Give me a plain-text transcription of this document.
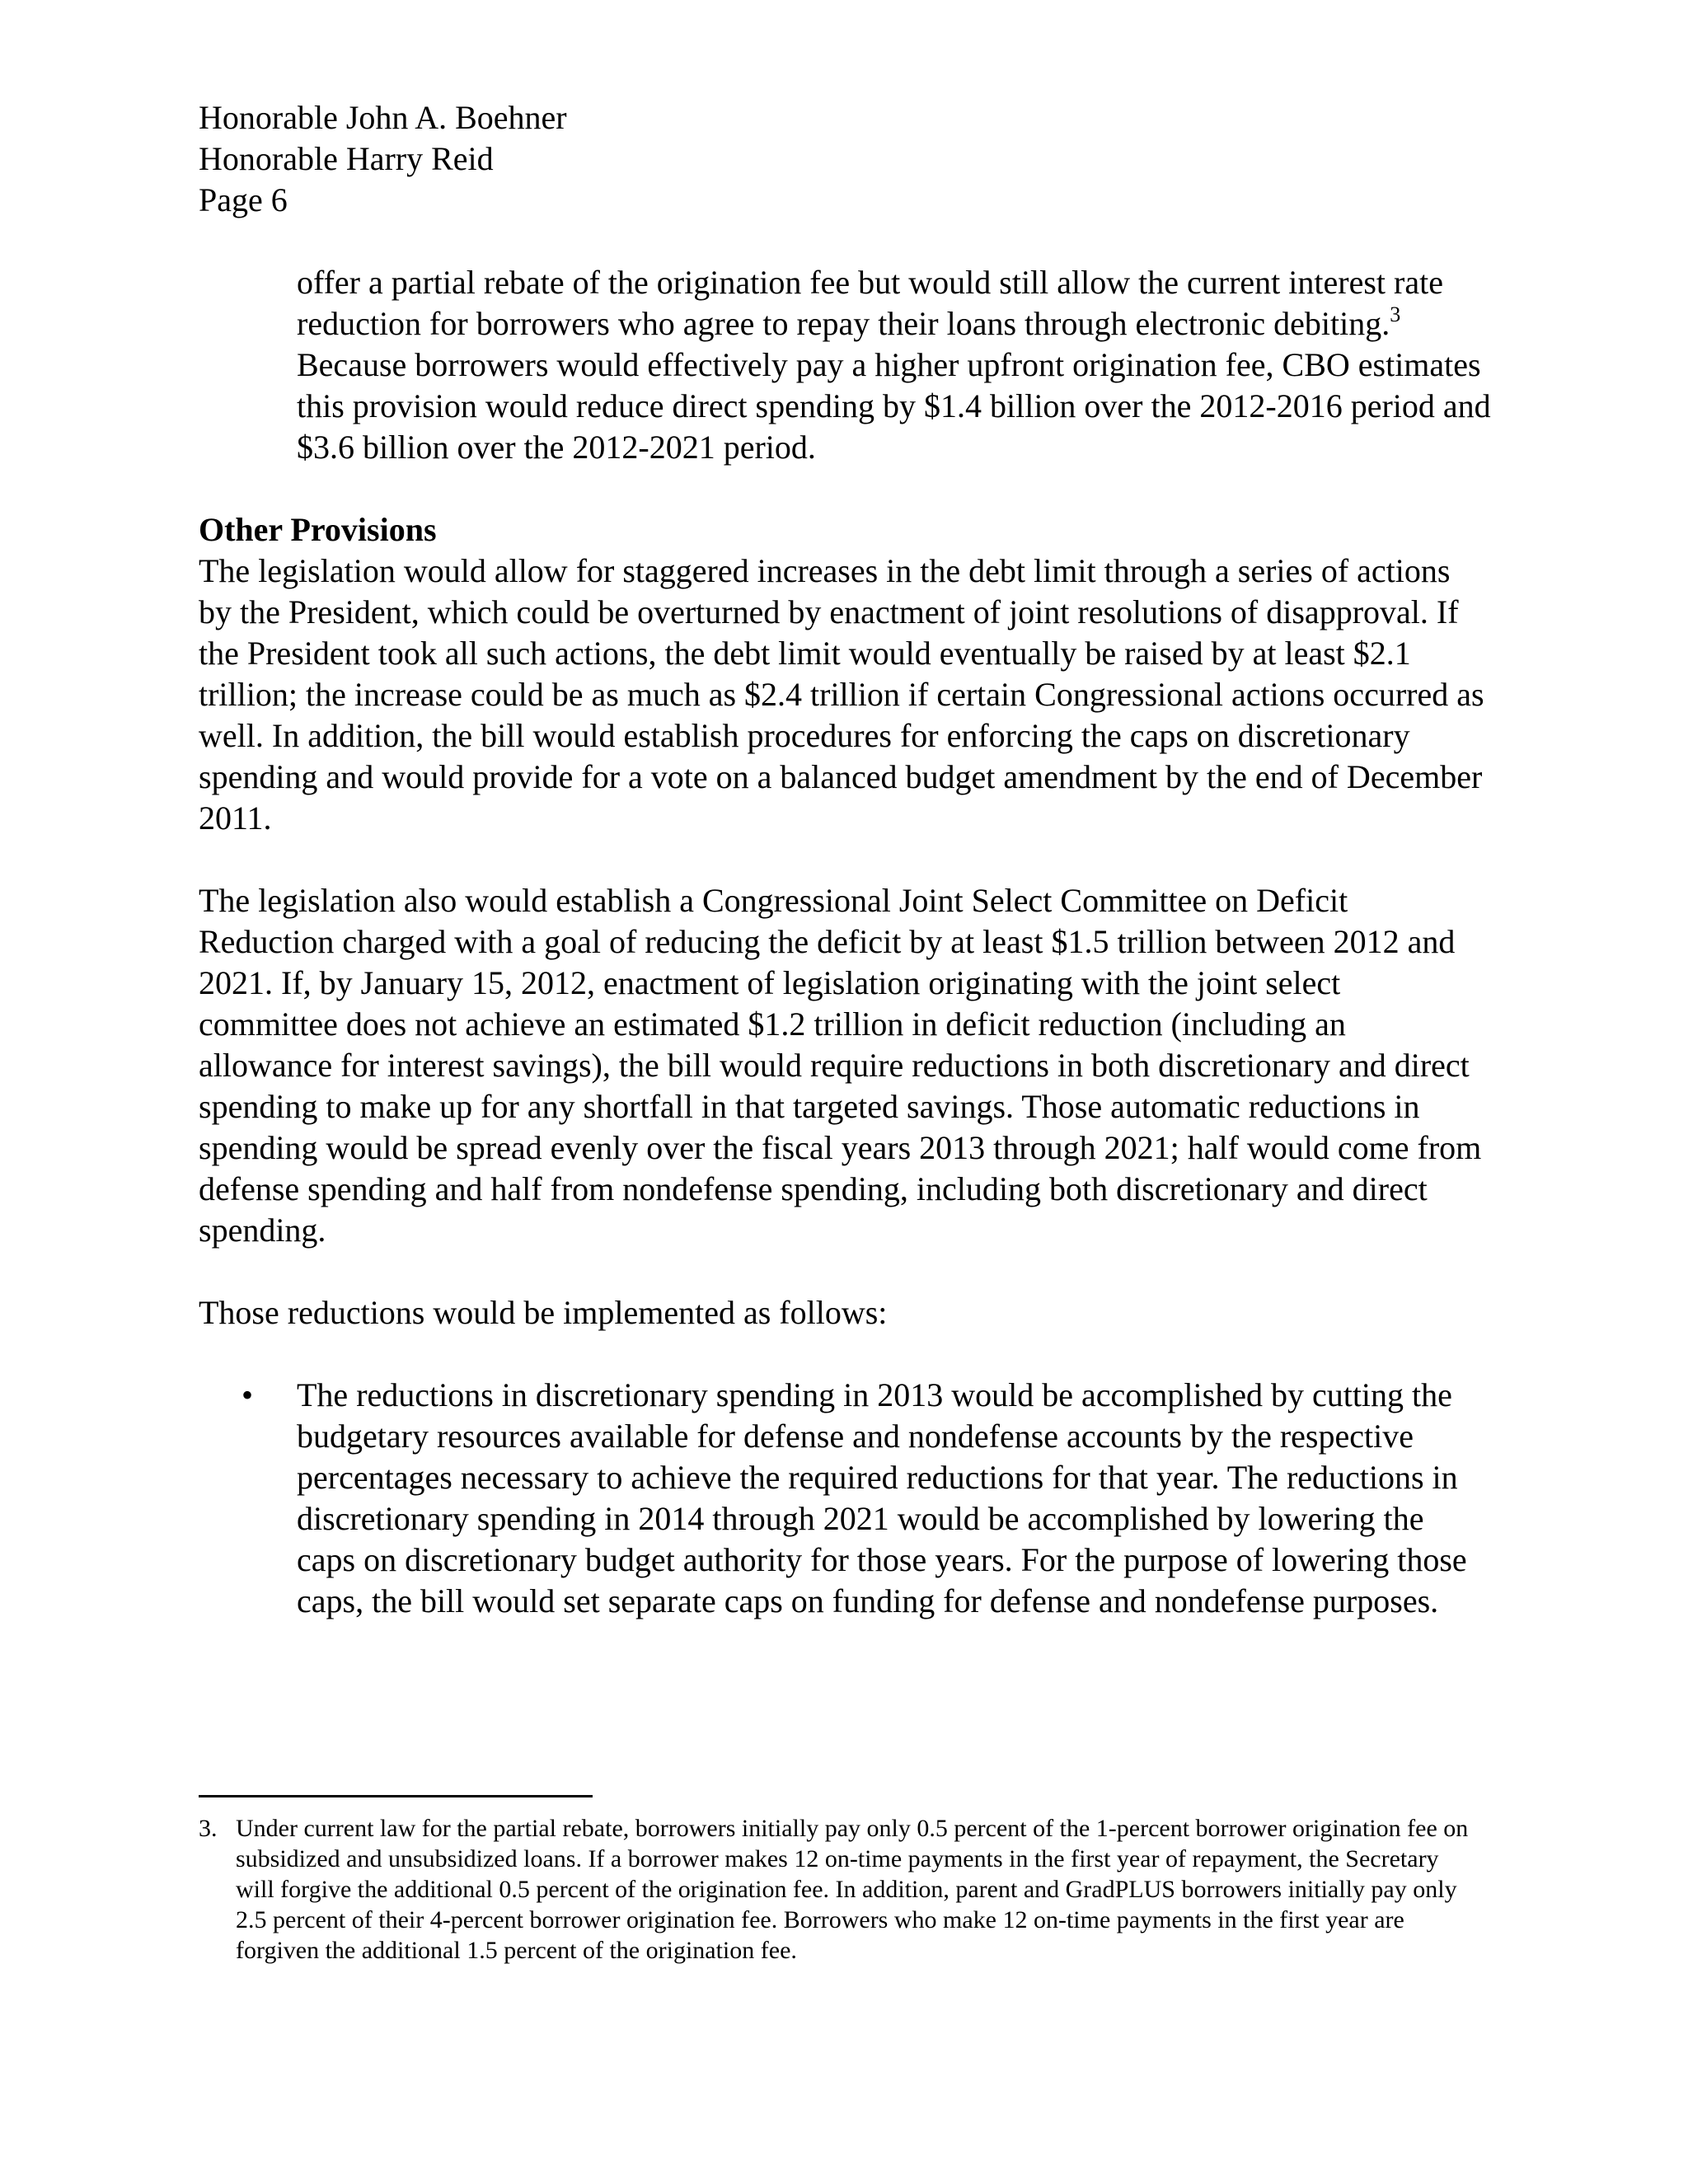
Honorable John A. Boehner
Honorable Harry Reid
Page 6

offer a partial rebate of the origination fee but would still allow the current interest rate reduction for borrowers who agree to repay their loans through electronic debiting.$^3$ Because borrowers would effectively pay a higher upfront origination fee, CBO estimates this provision would reduce direct spending by $1.4 billion over the 2012-2016 period and $3.6 billion over the 2012-2021 period.

Other Provisions

The legislation would allow for staggered increases in the debt limit through a series of actions by the President, which could be overturned by enactment of joint resolutions of disapproval. If the President took all such actions, the debt limit would eventually be raised by at least $2.1 trillion; the increase could be as much as $2.4 trillion if certain Congressional actions occurred as well. In addition, the bill would establish procedures for enforcing the caps on discretionary spending and would provide for a vote on a balanced budget amendment by the end of December 2011.

The legislation also would establish a Congressional Joint Select Committee on Deficit Reduction charged with a goal of reducing the deficit by at least $1.5 trillion between 2012 and 2021. If, by January 15, 2012, enactment of legislation originating with the joint select committee does not achieve an estimated $1.2 trillion in deficit reduction (including an allowance for interest savings), the bill would require reductions in both discretionary and direct spending to make up for any shortfall in that targeted savings. Those automatic reductions in spending would be spread evenly over the fiscal years 2013 through 2021; half would come from defense spending and half from nondefense spending, including both discretionary and direct spending.

Those reductions would be implemented as follows:

•	The reductions in discretionary spending in 2013 would be accomplished by cutting the budgetary resources available for defense and nondefense accounts by the respective percentages necessary to achieve the required reductions for that year. The reductions in discretionary spending in 2014 through 2021 would be accomplished by lowering the caps on discretionary budget authority for those years. For the purpose of lowering those caps, the bill would set separate caps on funding for defense and nondefense purposes.
3. Under current law for the partial rebate, borrowers initially pay only 0.5 percent of the 1-percent borrower origination fee on subsidized and unsubsidized loans. If a borrower makes 12 on-time payments in the first year of repayment, the Secretary will forgive the additional 0.5 percent of the origination fee. In addition, parent and GradPLUS borrowers initially pay only 2.5 percent of their 4-percent borrower origination fee. Borrowers who make 12 on-time payments in the first year are forgiven the additional 1.5 percent of the origination fee.
